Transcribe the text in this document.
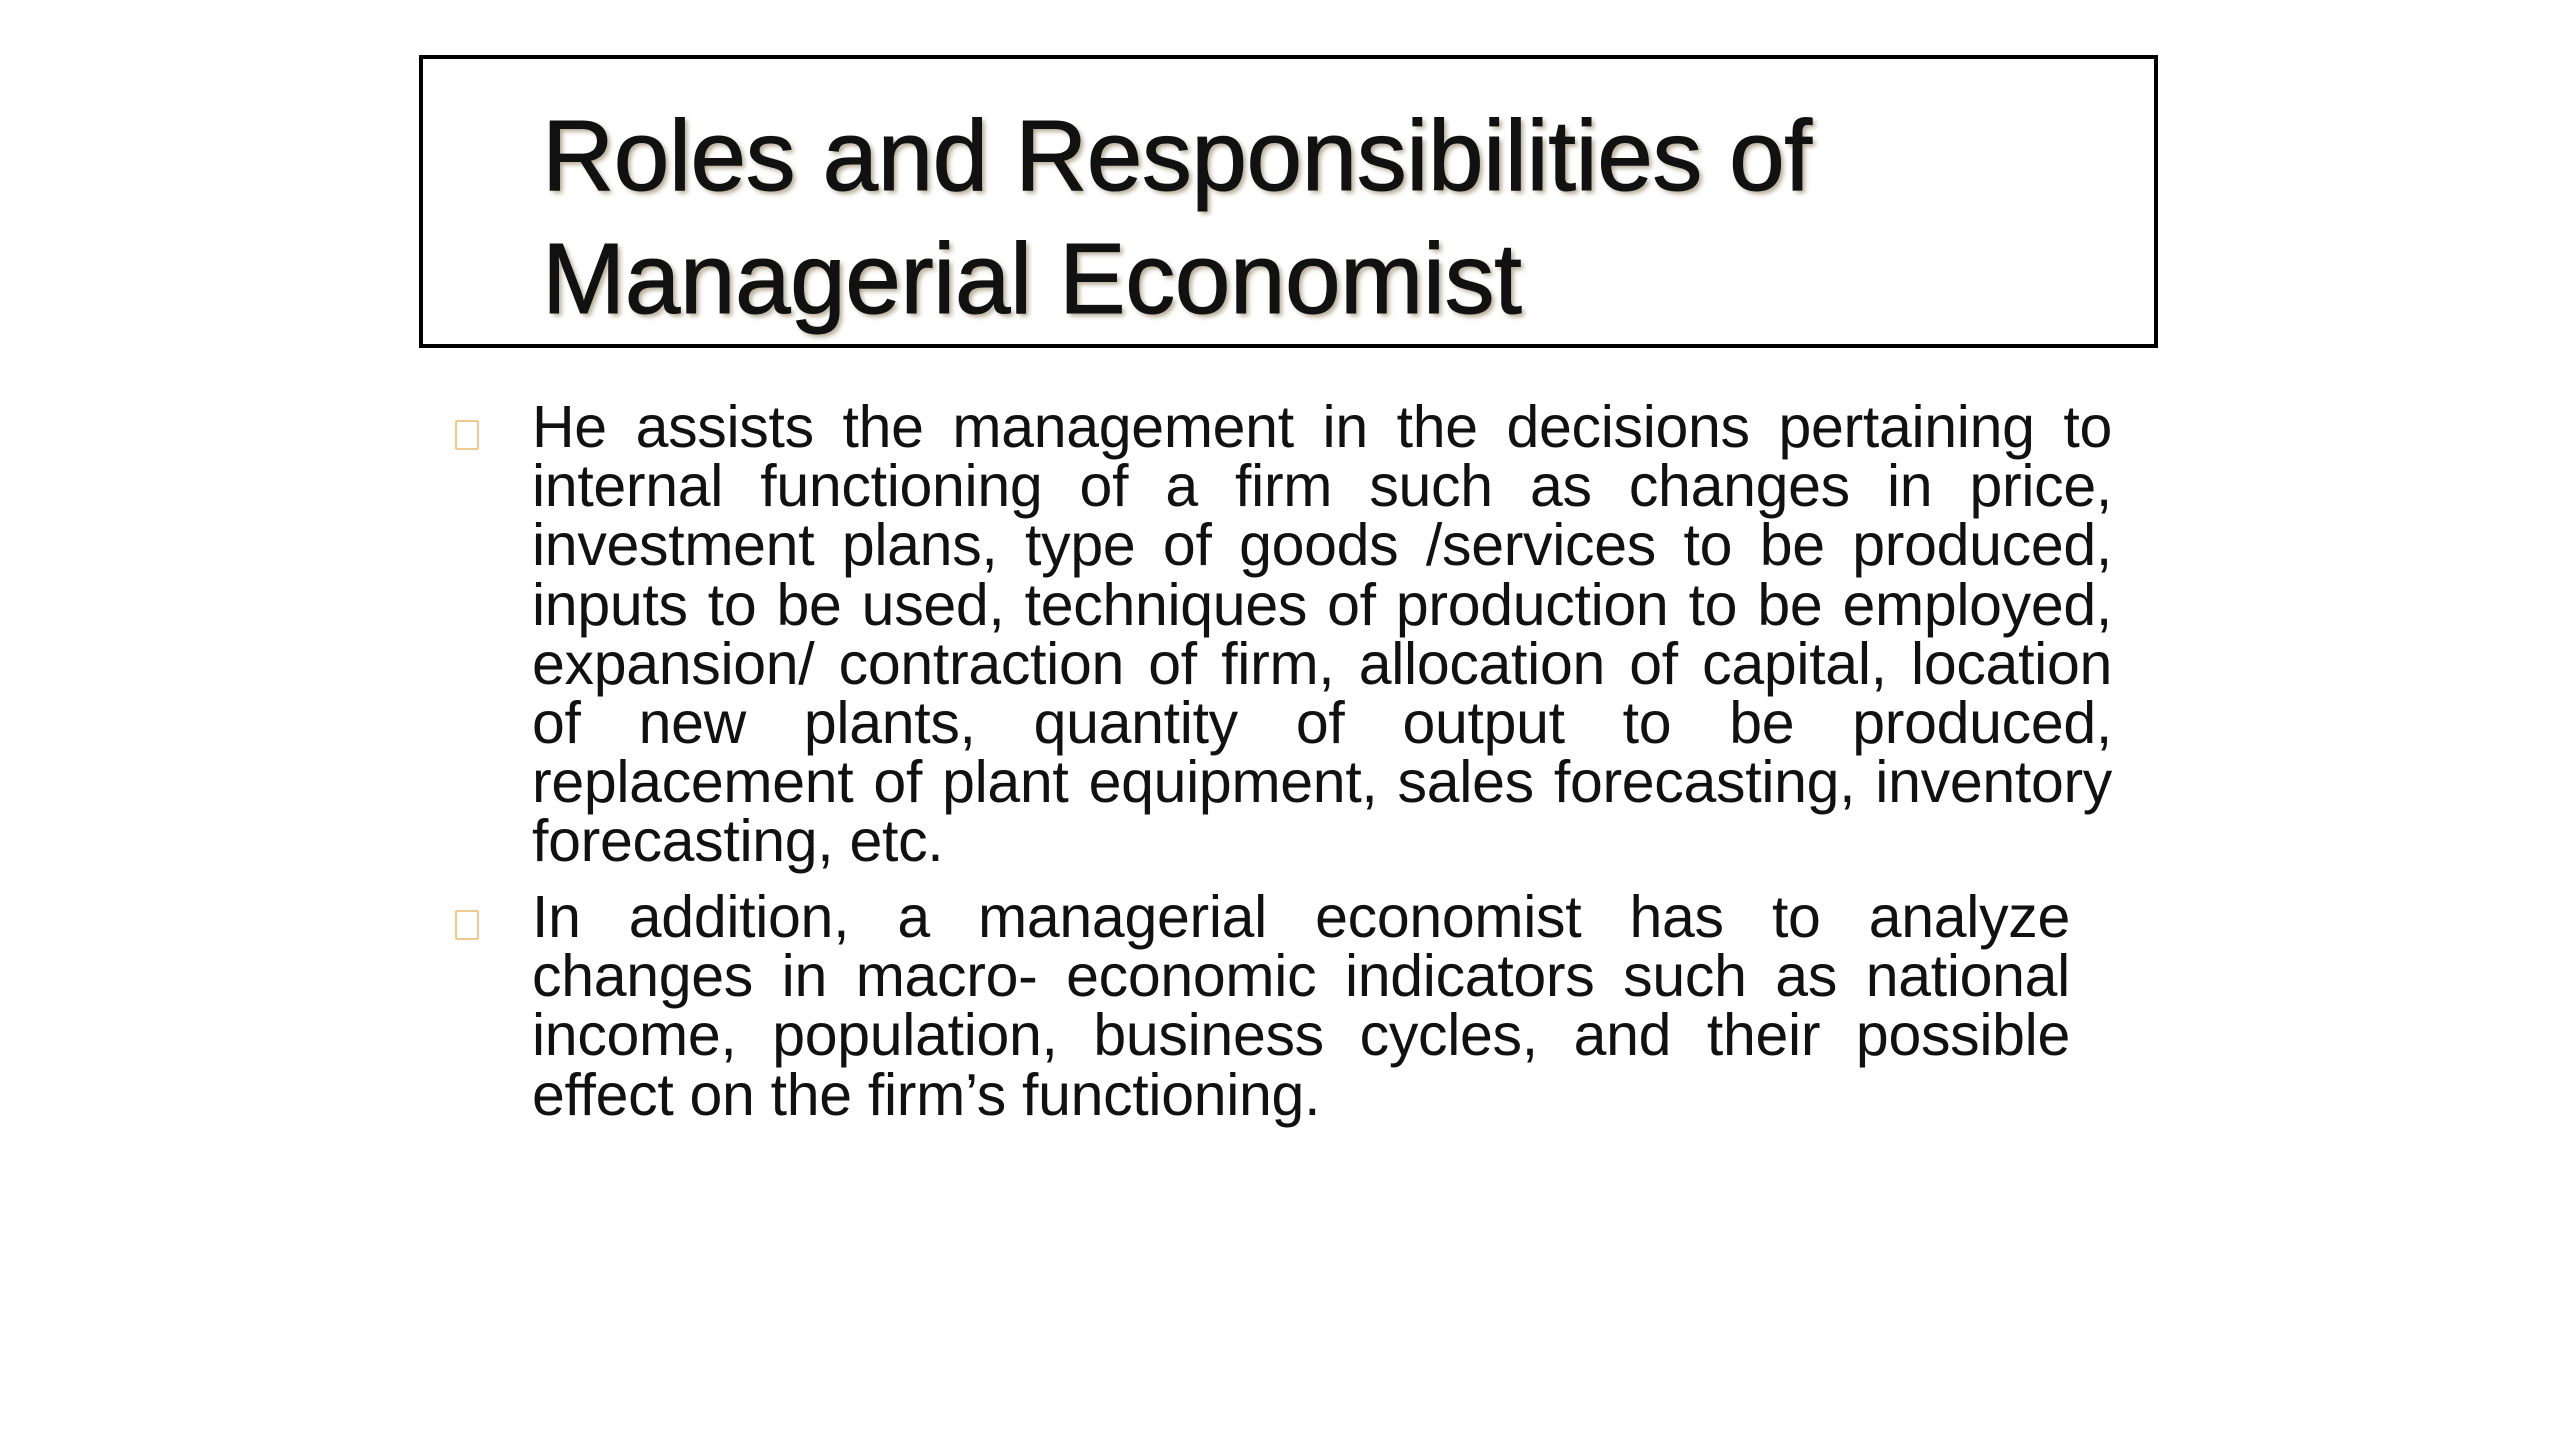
Roles and Responsibilities of Managerial Economist

He assists the management in the decisions pertaining to internal functioning of a firm such as changes in price, investment plans, type of goods /services to be produced, inputs to be used, techniques of production to be employed, expansion/ contraction of firm, allocation of capital, location of new plants, quantity of output to be produced, replacement of plant equipment, sales forecasting, inventory forecasting, etc.

In addition, a managerial economist has to analyze changes in macro- economic indicators such as national income, population, business cycles, and their possible effect on the firm’s functioning.
